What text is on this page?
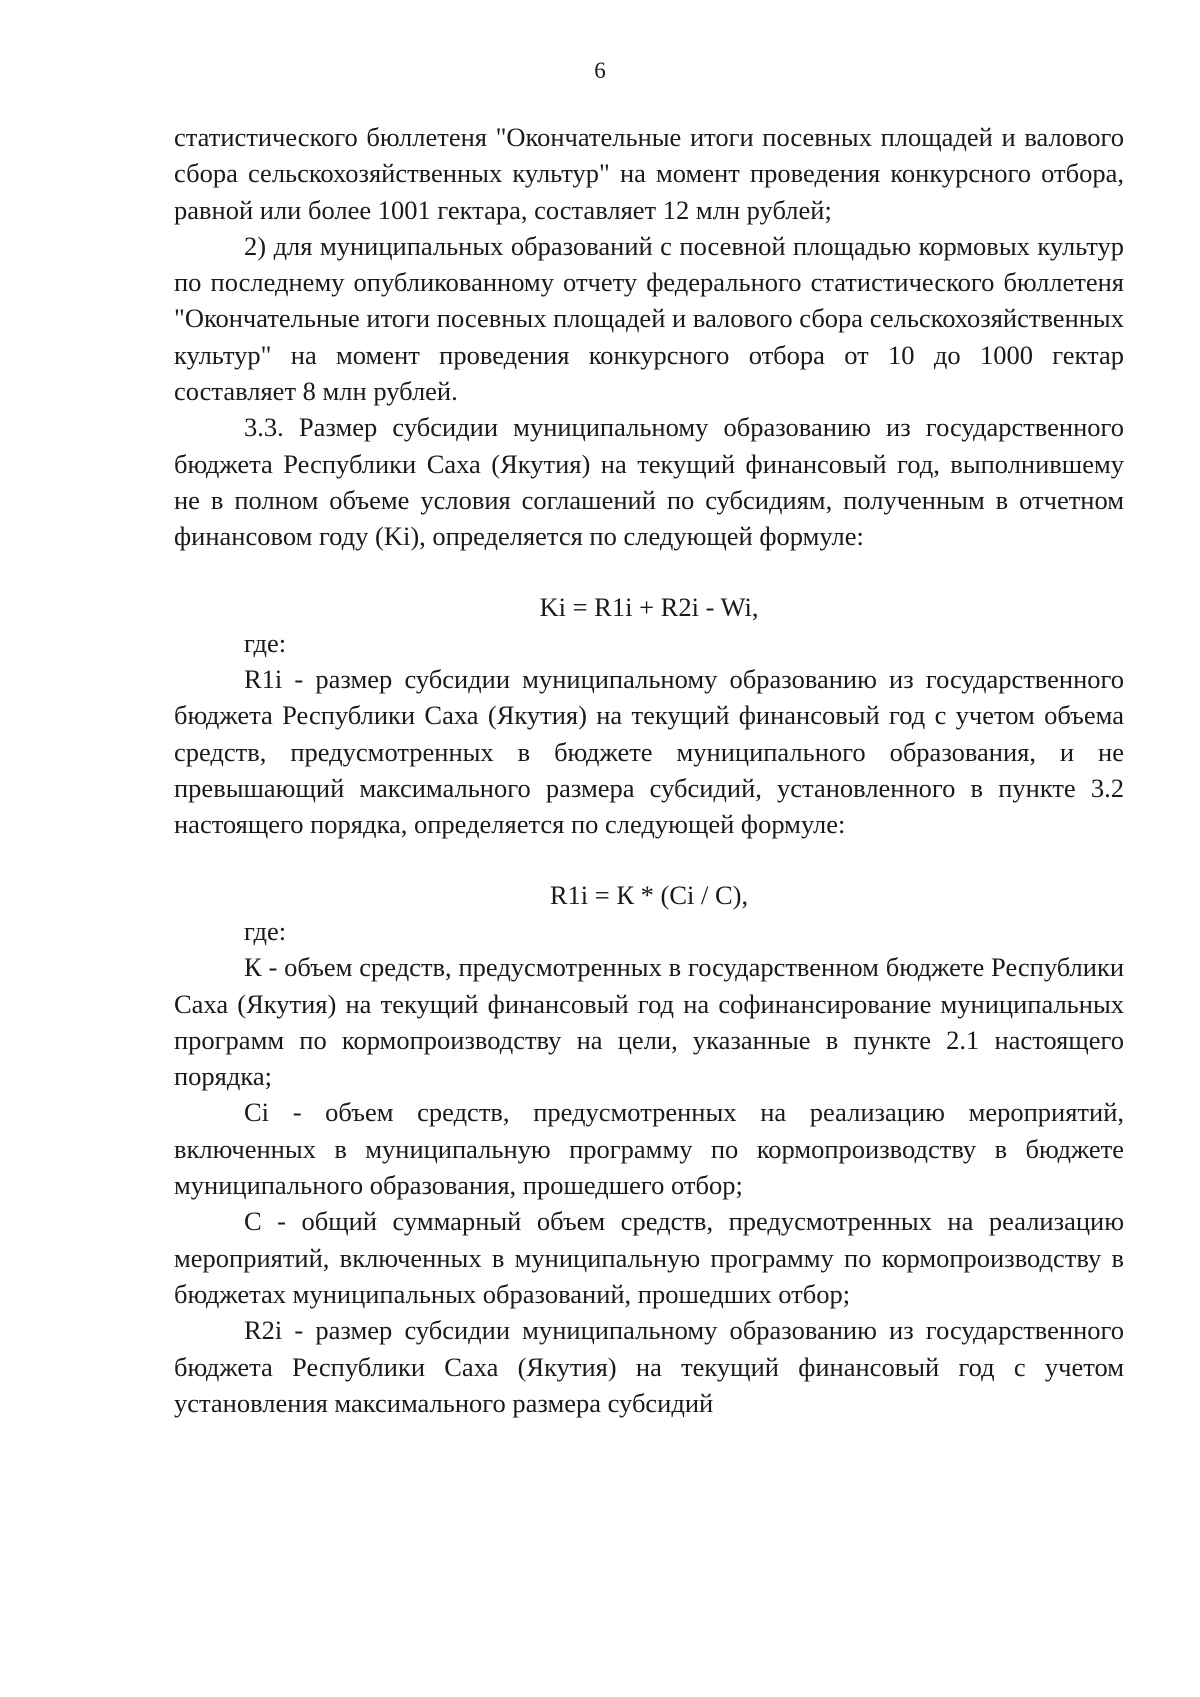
6

статистического бюллетеня "Окончательные итоги посевных площадей и валового сбора сельскохозяйственных культур" на момент проведения конкурсного отбора, равной или более 1001 гектара, составляет 12 млн рублей;

2) для муниципальных образований с посевной площадью кормовых культур по последнему опубликованному отчету федерального статистического бюллетеня "Окончательные итоги посевных площадей и валового сбора сельскохозяйственных культур" на момент проведения конкурсного отбора от 10 до 1000 гектар составляет 8 млн рублей.

3.3. Размер субсидии муниципальному образованию из государственного бюджета Республики Саха (Якутия) на текущий финансовый год, выполнившему не в полном объеме условия соглашений по субсидиям, полученным в отчетном финансовом году (Ki), определяется по следующей формуле:

Ki = R1i + R2i - Wi,

где:

R1i - размер субсидии муниципальному образованию из государственного бюджета Республики Саха (Якутия) на текущий финансовый год с учетом объема средств, предусмотренных в бюджете муниципального образования, и не превышающий максимального размера субсидий, установленного в пункте 3.2 настоящего порядка, определяется по следующей формуле:

R1i = К * (Ci / C),

где:

К - объем средств, предусмотренных в государственном бюджете Республики Саха (Якутия) на текущий финансовый год на софинансирование муниципальных программ по кормопроизводству на цели, указанные в пункте 2.1 настоящего порядка;

Ci - объем средств, предусмотренных на реализацию мероприятий, включенных в муниципальную программу по кормопроизводству в бюджете муниципального образования, прошедшего отбор;

С - общий суммарный объем средств, предусмотренных на реализацию мероприятий, включенных в муниципальную программу по кормопроизводству в бюджетах муниципальных образований, прошедших отбор;

R2i - размер субсидии муниципальному образованию из государственного бюджета Республики Саха (Якутия) на текущий финансовый год с учетом установления максимального размера субсидий
